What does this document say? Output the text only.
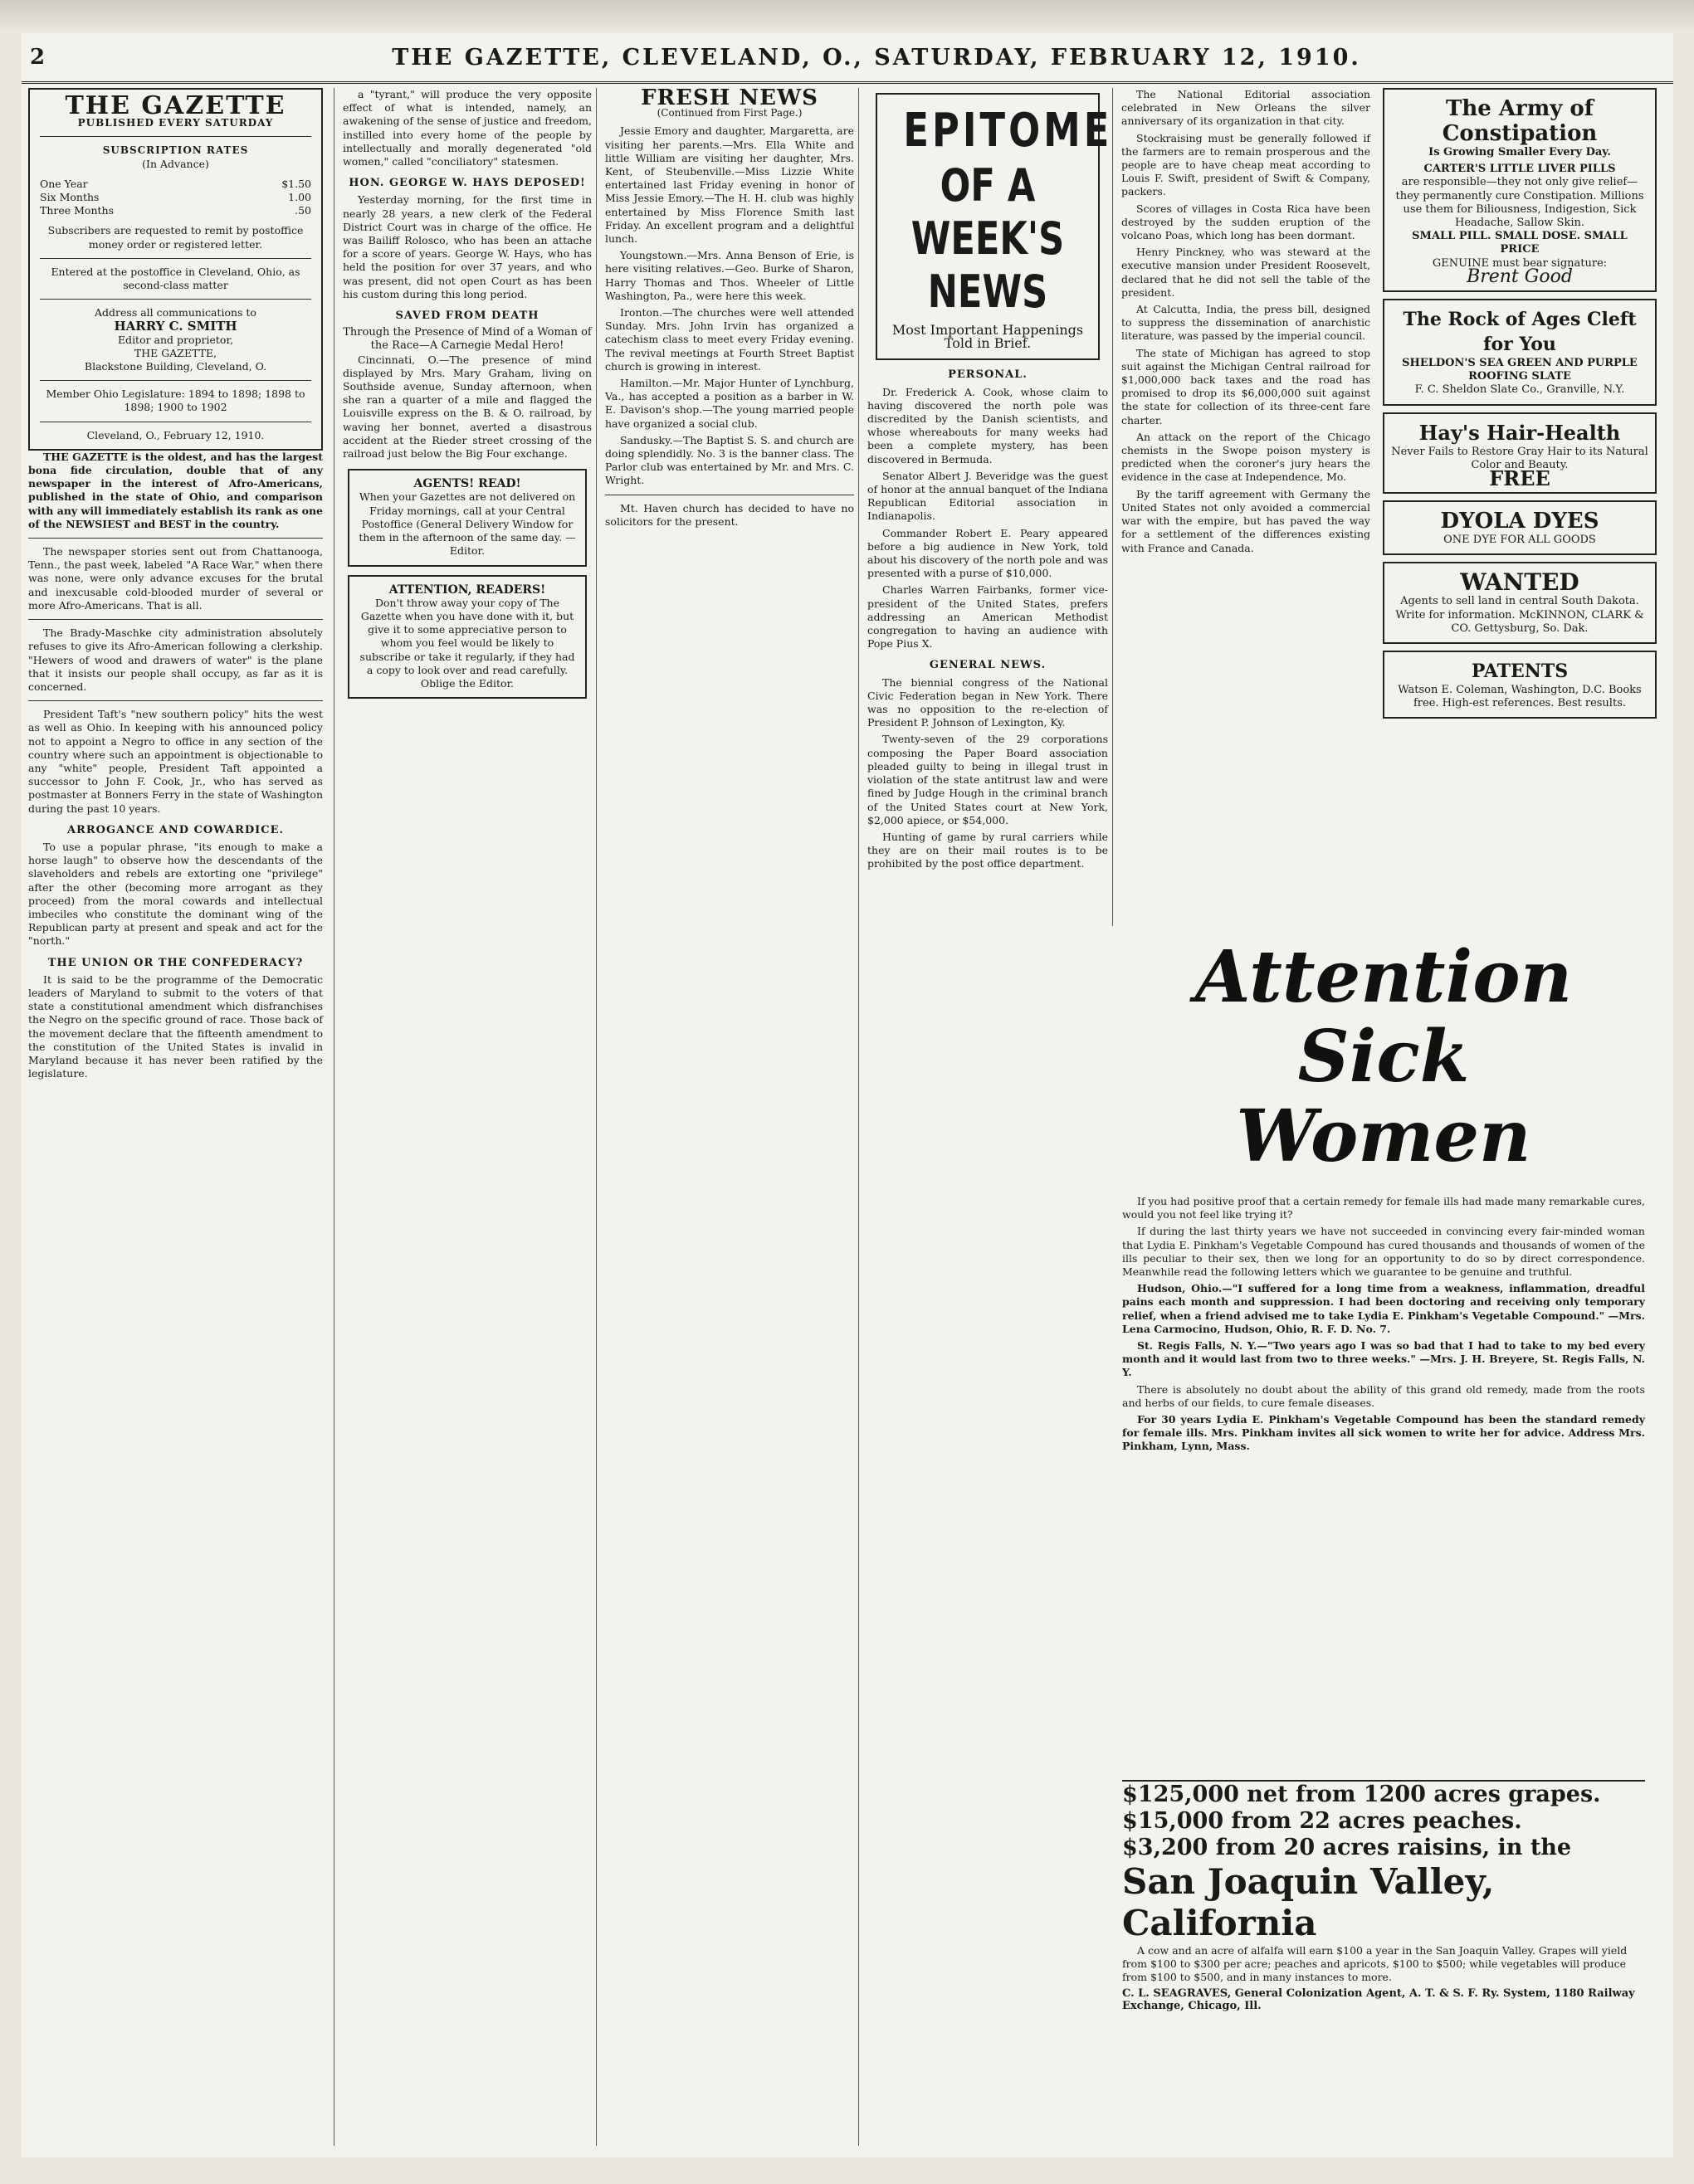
2	THE GAZETTE, CLEVELAND, O., SATURDAY, FEBRUARY 12, 1910.
THE GAZETTE
PUBLISHED EVERY SATURDAY
SUBSCRIPTION RATES
(In Advance)
One Year	$1.50
Six Months	1.00
Three Months	.50
Subscribers are requested to remit by postoffice money order or registered letter.
Entered at the postoffice in Cleveland, Ohio, as second-class matter
Address all communications to
HARRY C. SMITH
Editor and proprietor,
THE GAZETTE,
Blackstone Building, Cleveland, O.
Member Ohio Legislature: 1894 to 1898; 1898 to 1898; 1900 to 1902
Cleveland, O., February 12, 1910.

THE GAZETTE is the oldest, and has the largest bona fide circulation, double that of any newspaper in the interest of Afro-Americans, published in the state of Ohio, and comparison with any will immediately establish its rank as one of the NEWSIEST and BEST in the country.

The newspaper stories sent out from Chattanooga, Tenn., the past week, labeled "A Race War," when there was none, were only advance excuses for the brutal and inexcusable cold-blooded murder of several or more Afro-Americans. That is all.

The Brady-Maschke city administration absolutely refuses to give its Afro-American following a clerkship. "Hewers of wood and drawers of water" is the plane that it insists our people shall occupy, as far as it is concerned.

President Taft's "new southern policy" hits the west as well as Ohio. In keeping with his announced policy not to appoint a Negro to office in any section of the country where such an appointment is objectionable to any "white" people, President Taft appointed a successor to John F. Cook, Jr., who has served as postmaster at Bonners Ferry in the state of Washington during the past 10 years.

ARROGANCE AND COWARDICE.

To use a popular phrase, "its enough to make a horse laugh" to observe how the descendants of the slaveholders and rebels are extorting one "privilege" after the other (becoming more arrogant as they proceed) from the moral cowards and intellectual imbeciles who constitute the dominant wing of the Republican party at present and speak and act for the "north."

THE UNION OR THE CONFEDERACY?

It is said to be the programme of the Democratic leaders of Maryland to submit to the voters of that state a constitutional amendment which disfranchises the Negro on the specific ground of race. Those back of the movement declare that the fifteenth amendment to the constitution of the United States is invalid in Maryland because it has never been ratified by the legislature.

a "tyrant," will produce the very opposite effect of what is intended, namely, an awakening of the sense of justice and freedom, instilled into every home of the people by intellectually and morally degenerated "old women," called "conciliatory" statesmen.

HON. GEORGE W. HAYS DEPOSED!

Yesterday morning, for the first time in nearly 28 years, a new clerk of the Federal District Court was in charge of the office. He was Bailiff Rolosco, who has been an attache for a score of years. George W. Hays, who has held the position for over 37 years, and who was present, did not open Court as has been his custom during this long period.

SAVED FROM DEATH
Through the Presence of Mind of a Woman of the Race—A Carnegie Medal Hero!

Cincinnati, O.—The presence of mind displayed by Mrs. Mary Graham, living on Southside avenue, Sunday afternoon, when she ran a quarter of a mile and flagged the Louisville express on the B. & O. railroad, by waving her bonnet, averted a disastrous accident at the Rieder street crossing of the railroad just below the Big Four exchange.

AGENTS! READ!
When your Gazettes are not delivered on Friday mornings, call at your Central Postoffice (General Delivery Window for them in the afternoon of the same day. —Editor.
ATTENTION, READERS!
Don't throw away your copy of The Gazette when you have done with it, but give it to some appreciative person to whom you feel would be likely to subscribe or take it regularly, if they had a copy to look over and read carefully. Oblige the Editor.
FRESH NEWS
(Continued from First Page.)

Jessie Emory and daughter, Margaretta, are visiting her parents.—Mrs. Ella White and little William are visiting her daughter, Mrs. Kent, of Steubenville.—Miss Lizzie White entertained last Friday evening in honor of Miss Jessie Emory.—The H. H. club was highly entertained by Miss Florence Smith last Friday. An excellent program and a delightful lunch.

Youngstown.—Mrs. Anna Benson of Erie, is here visiting relatives.—Geo. Burke of Sharon, Harry Thomas and Thos. Wheeler of Little Washington, Pa., were here this week.

Ironton.—The churches were well attended Sunday. Mrs. John Irvin has organized a catechism class to meet every Friday evening. The revival meetings at Fourth Street Baptist church is growing in interest.

Hamilton.—Mr. Major Hunter of Lynchburg, Va., has accepted a position as a barber in W. E. Davison's shop.—The young married people have organized a social club.

Sandusky.—The Baptist S. S. and church are doing splendidly. No. 3 is the banner class. The Parlor club was entertained by Mr. and Mrs. C. Wright.

Mt. Haven church has decided to have no solicitors for the present.

EPITOME
OF A
WEEK'S NEWS
Most Important Happenings Told in Brief.
PERSONAL.

Dr. Frederick A. Cook, whose claim to having discovered the north pole was discredited by the Danish scientists, and whose whereabouts for many weeks had been a complete mystery, has been discovered in Bermuda.

Senator Albert J. Beveridge was the guest of honor at the annual banquet of the Indiana Republican Editorial association in Indianapolis.

Commander Robert E. Peary appeared before a big audience in New York, told about his discovery of the north pole and was presented with a purse of $10,000.

Charles Warren Fairbanks, former vice-president of the United States, prefers addressing an American Methodist congregation to having an audience with Pope Pius X.

GENERAL NEWS.

The biennial congress of the National Civic Federation began in New York. There was no opposition to the re-election of President P. Johnson of Lexington, Ky.

Twenty-seven of the 29 corporations composing the Paper Board association pleaded guilty to being in illegal trust in violation of the state antitrust law and were fined by Judge Hough in the criminal branch of the United States court at New York, $2,000 apiece, or $54,000.

Hunting of game by rural carriers while they are on their mail routes is to be prohibited by the post office department.

The National Editorial association celebrated in New Orleans the silver anniversary of its organization in that city.

Stockraising must be generally followed if the farmers are to remain prosperous and the people are to have cheap meat according to Louis F. Swift, president of Swift & Company, packers.

Scores of villages in Costa Rica have been destroyed by the sudden eruption of the volcano Poas, which long has been dormant.

Henry Pinckney, who was steward at the executive mansion under President Roosevelt, declared that he did not sell the table of the president.

At Calcutta, India, the press bill, designed to suppress the dissemination of anarchistic literature, was passed by the imperial council.

The state of Michigan has agreed to stop suit against the Michigan Central railroad for $1,000,000 back taxes and the road has promised to drop its $6,000,000 suit against the state for collection of its three-cent fare charter.

An attack on the report of the Chicago chemists in the Swope poison mystery is predicted when the coroner's jury hears the evidence in the case at Independence, Mo.

By the tariff agreement with Germany the United States not only avoided a commercial war with the empire, but has paved the way for a settlement of the differences existing with France and Canada.

The Army of Constipation
Is Growing Smaller Every Day.
CARTER'S LITTLE LIVER PILLS
are responsible—they not only give relief—they permanently cure Constipation. Millions use them for Biliousness, Indigestion, Sick Headache, Sallow Skin.
SMALL PILL. SMALL DOSE. SMALL PRICE
GENUINE must bear signature:
Brent Good
The Rock of Ages Cleft for You
SHELDON'S SEA GREEN AND PURPLE ROOFING SLATE
F. C. Sheldon Slate Co., Granville, N.Y.
Hay's Hair-Health
Never Fails to Restore Gray Hair to its Natural Color and Beauty.
FREE
DYOLA DYES
ONE DYE FOR ALL GOODS
WANTED
Agents to sell land in central South Dakota. Write for information. McKINNON, CLARK & CO. Gettysburg, So. Dak.
PATENTS
Watson E. Coleman, Washington, D.C. Books free. High-est references. Best results.
Attention
Sick
Women

If you had positive proof that a certain remedy for female ills had made many remarkable cures, would you not feel like trying it?

If during the last thirty years we have not succeeded in convincing every fair-minded woman that Lydia E. Pinkham's Vegetable Compound has cured thousands and thousands of women of the ills peculiar to their sex, then we long for an opportunity to do so by direct correspondence. Meanwhile read the following letters which we guarantee to be genuine and truthful.

Hudson, Ohio.—"I suffered for a long time from a weakness, inflammation, dreadful pains each month and suppression. I had been doctoring and receiving only temporary relief, when a friend advised me to take Lydia E. Pinkham's Vegetable Compound." —Mrs. Lena Carmocino, Hudson, Ohio, R. F. D. No. 7.

St. Regis Falls, N. Y.—"Two years ago I was so bad that I had to take to my bed every month and it would last from two to three weeks." —Mrs. J. H. Breyere, St. Regis Falls, N. Y.

There is absolutely no doubt about the ability of this grand old remedy, made from the roots and herbs of our fields, to cure female diseases.

For 30 years Lydia E. Pinkham's Vegetable Compound has been the standard remedy for female ills. Mrs. Pinkham invites all sick women to write her for advice. Address Mrs. Pinkham, Lynn, Mass.

$125,000 net from 1200 acres grapes.
$15,000 from 22 acres peaches.
$3,200 from 20 acres raisins, in the
San Joaquin Valley, California

A cow and an acre of alfalfa will earn $100 a year in the San Joaquin Valley. Grapes will yield from $100 to $300 per acre; peaches and apricots, $100 to $500; while vegetables will produce from $100 to $500, and in many instances to more.

C. L. SEAGRAVES, General Colonization Agent, A. T. & S. F. Ry. System, 1180 Railway Exchange, Chicago, Ill.
